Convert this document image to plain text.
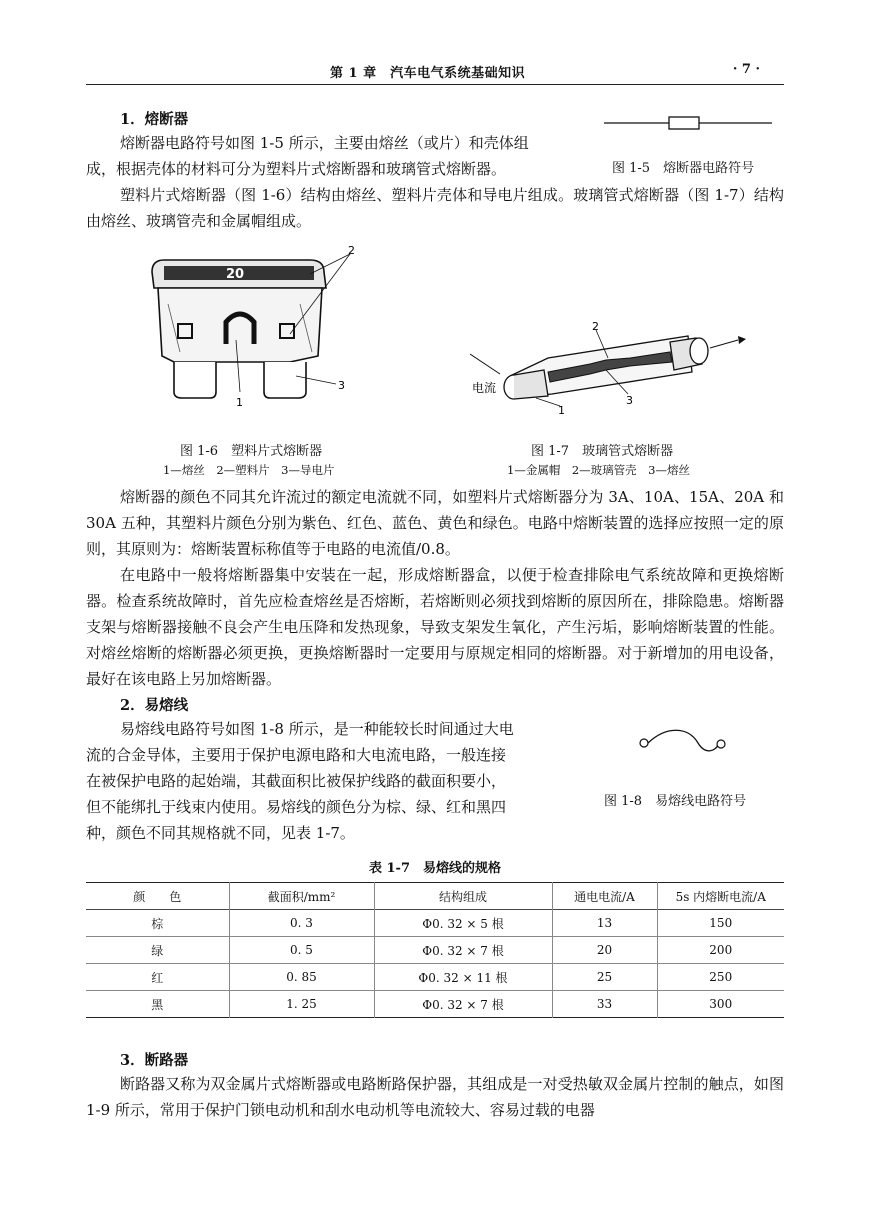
第 1 章　汽车电气系统基础知识	· 7 ·
1．熔断器
熔断器电路符号如图 1-5 所示，主要由熔丝（或片）和壳体组
成，根据壳体的材料可分为塑料片式熔断器和玻璃管式熔断器。	图 1-5　熔断器电路符号
塑料片式熔断器（图 1-6）结构由熔丝、塑料片壳体和导电片组成。玻璃管式熔断器（图 1-7）结构由熔丝、玻璃管壳和金属帽组成。
20
2
1
3
图 1-6　塑料片式熔断器
1—熔丝　2—塑料片　3—导电片
2
3
1
电流
图 1-7　玻璃管式熔断器
1—金属帽　2—玻璃管壳　3—熔丝
熔断器的颜色不同其允许流过的额定电流就不同，如塑料片式熔断器分为 3A、10A、15A、20A 和 30A 五种，其塑料片颜色分别为紫色、红色、蓝色、黄色和绿色。电路中熔断装置的选择应按照一定的原则，其原则为：熔断装置标称值等于电路的电流值/0.8。
在电路中一般将熔断器集中安装在一起，形成熔断器盒，以便于检查排除电气系统故障和更换熔断器。检查系统故障时，首先应检查熔丝是否熔断，若熔断则必须找到熔断的原因所在，排除隐患。熔断器支架与熔断器接触不良会产生电压降和发热现象，导致支架发生氧化，产生污垢，影响熔断装置的性能。对熔丝熔断的熔断器必须更换，更换熔断器时一定要用与原规定相同的熔断器。对于新增加的用电设备，最好在该电路上另加熔断器。
2．易熔线
易熔线电路符号如图 1-8 所示，是一种能较长时间通过大电
流的合金导体，主要用于保护电源电路和大电流电路，一般连接
在被保护电路的起始端，其截面积比被保护线路的截面积要小，
但不能绑扎于线束内使用。易熔线的颜色分为棕、绿、红和黑四
种，颜色不同其规格就不同，见表 1-7。
图 1-8　易熔线电路符号
表 1-7　易熔线的规格
颜　　色	截面积/mm²	结构组成	通电电流/A	5s 内熔断电流/A
棕	0. 3	Φ0. 32 × 5 根	13	150
绿	0. 5	Φ0. 32 × 7 根	20	200
红	0. 85	Φ0. 32 × 11 根	25	250
黑	1. 25	Φ0. 32 × 7 根	33	300
3．断路器
断路器又称为双金属片式熔断器或电路断路保护器，其组成是一对受热敏双金属片控制的触点，如图 1-9 所示，常用于保护门锁电动机和刮水电动机等电流较大、容易过载的电器
